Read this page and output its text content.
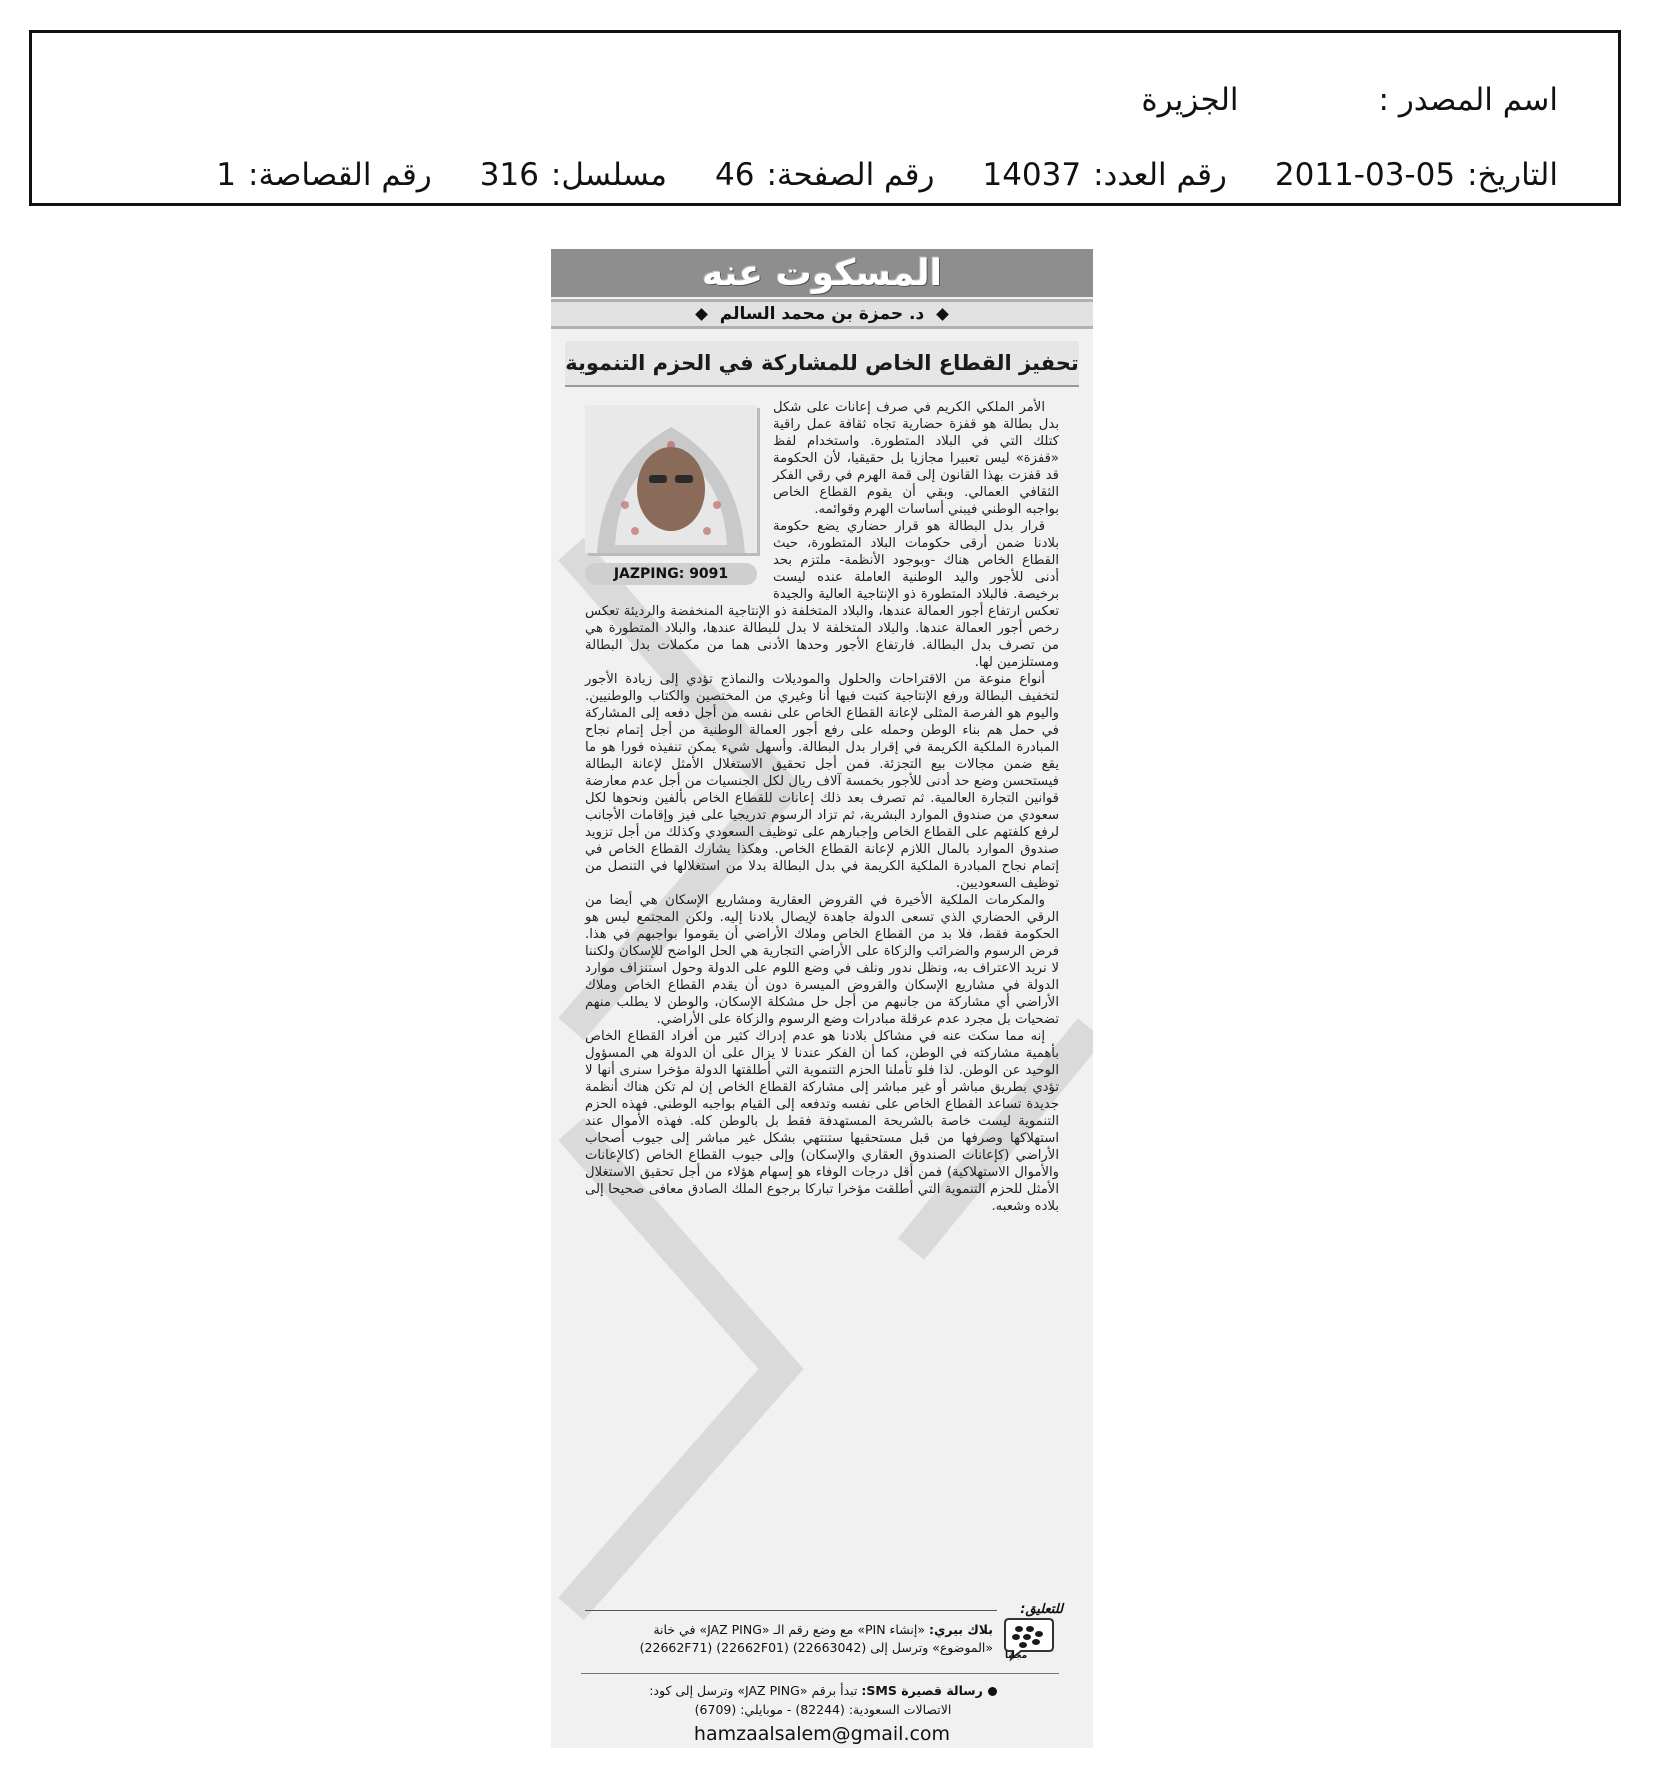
اسم المصدر :
الجزيرة
التاريخ:
2011-03-05
رقم العدد:
14037
رقم الصفحة:
46
مسلسل:
316
رقم القصاصة:
1
المسكوت عنه
د. حمزة بن محمد السالم
تحفيز القطاع الخاص للمشاركة في الحزم التنموية
JAZPING: 9091

الأمر الملكي الكريم في صرف إعانات على شكل بدل بطالة هو قفزة حضارية تجاه ثقافة عمل راقية كتلك التي في البلاد المتطورة. واستخدام لفظ «قفزة» ليس تعبيرا مجازيا بل حقيقيا، لأن الحكومة قد قفزت بهذا القانون إلى قمة الهرم في رقي الفكر الثقافي العمالي. وبقي أن يقوم القطاع الخاص بواجبه الوطني فيبني أساسات الهرم وقوائمه.

قرار بدل البطالة هو قرار حضاري يضع حكومة بلادنا ضمن أرقى حكومات البلاد المتطورة، حيث القطاع الخاص هناك -وبوجود الأنظمة- ملتزم بحد أدنى للأجور واليد الوطنية العاملة عنده ليست برخيصة. فالبلاد المتطورة ذو الإنتاجية العالية والجيدة تعكس ارتفاع أجور العمالة عندها، والبلاد المتخلفة ذو الإنتاجية المنخفضة والرديئة تعكس رخص أجور العمالة عندها. والبلاد المتخلفة لا بدل للبطالة عندها، والبلاد المتطورة هي من تصرف بدل البطالة. فارتفاع الأجور وحدها الأدنى هما من مكملات بدل البطالة ومستلزمين لها.

أنواع منوعة من الاقتراحات والحلول والموديلات والنماذج تؤدي إلى زيادة الأجور لتخفيف البطالة ورفع الإنتاجية كتبت فيها أنا وغيري من المختصين والكتاب والوطنيين. واليوم هو الفرصة المثلى لإعانة القطاع الخاص على نفسه من أجل دفعه إلى المشاركة في حمل هم بناء الوطن وحمله على رفع أجور العمالة الوطنية من أجل إتمام نجاح المبادرة الملكية الكريمة في إقرار بدل البطالة. وأسهل شيء يمكن تنفيذه فورا هو ما يقع ضمن مجالات بيع التجزئة. فمن أجل تحقيق الاستغلال الأمثل لإعانة البطالة فيستحسن وضع حد أدنى للأجور بخمسة آلاف ريال لكل الجنسيات من أجل عدم معارضة قوانين التجارة العالمية. ثم تصرف بعد ذلك إعانات للقطاع الخاص بألفين ونحوها لكل سعودي من صندوق الموارد البشرية، ثم تزاد الرسوم تدريجيا على فيز وإقامات الأجانب لرفع كلفتهم على القطاع الخاص وإجبارهم على توظيف السعودي وكذلك من أجل تزويد صندوق الموارد بالمال اللازم لإعانة القطاع الخاص. وهكذا يشارك القطاع الخاص في إتمام نجاح المبادرة الملكية الكريمة في بدل البطالة بدلا من استغلالها في التنصل من توظيف السعوديين.

والمكرمات الملكية الأخيرة في القروض العقارية ومشاريع الإسكان هي أيضا من الرقي الحضاري الذي تسعى الدولة جاهدة لإيصال بلادنا إليه. ولكن المجتمع ليس هو الحكومة فقط، فلا بد من القطاع الخاص وملاك الأراضي أن يقوموا بواجبهم في هذا. فرض الرسوم والضرائب والزكاة على الأراضي التجارية هي الحل الواضح للإسكان ولكننا لا نريد الاعتراف به، ونظل ندور ونلف في وضع اللوم على الدولة وحول استنزاف موارد الدولة في مشاريع الإسكان والقروض الميسرة دون أن يقدم القطاع الخاص وملاك الأراضي أي مشاركة من جانبهم من أجل حل مشكلة الإسكان، والوطن لا يطلب منهم تضحيات بل مجرد عدم عرقلة مبادرات وضع الرسوم والزكاة على الأراضي.

إنه مما سكت عنه في مشاكل بلادنا هو عدم إدراك كثير من أفراد القطاع الخاص بأهمية مشاركته في الوطن، كما أن الفكر عندنا لا يزال على أن الدولة هي المسؤول الوحيد عن الوطن. لذا فلو تأملنا الحزم التنموية التي أطلقتها الدولة مؤخرا سنرى أنها لا تؤدي بطريق مباشر أو غير مباشر إلى مشاركة القطاع الخاص إن لم تكن هناك أنظمة جديدة تساعد القطاع الخاص على نفسه وتدفعه إلى القيام بواجبه الوطني. فهذه الحزم التنموية ليست خاصة بالشريحة المستهدفة فقط بل بالوطن كله. فهذه الأموال عند استهلاكها وصرفها من قبل مستحقيها ستنتهي بشكل غير مباشر إلى جيوب أصحاب الأراضي (كإعانات الصندوق العقاري والإسكان) وإلى جيوب القطاع الخاص (كالإعانات والأموال الاستهلاكية) فمن أقل درجات الوفاء هو إسهام هؤلاء من أجل تحقيق الاستغلال الأمثل للحزم التنموية التي أطلقت مؤخرا تباركا برجوع الملك الصادق معافى صحيحا إلى بلاده وشعبه.

للتعليق:
مجانا
بلاك بيري: «إنشاء PIN» مع وضع رقم الـ «JAZ PING» في خانة
«الموضوع» وترسل إلى (22662F71) (22662F01) (22663042)
رسالة قصيرة SMS: تبدأ برقم «JAZ PING» وترسل إلى كود:
الاتصالات السعودية: (82244) - موبايلي: (6709)
hamzaalsalem@gmail.com
